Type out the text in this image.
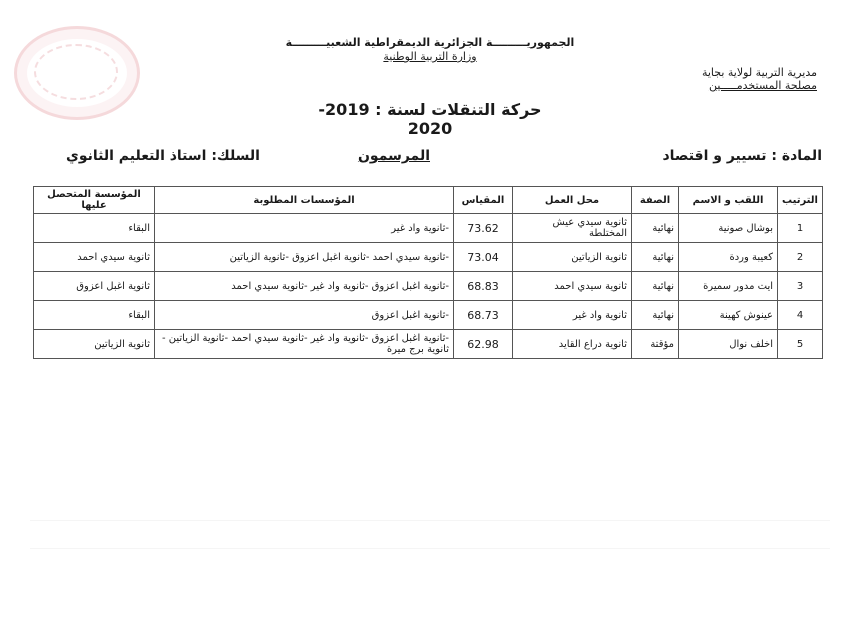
الجمهوريـــــــــة الجزائرية الديمقراطية الشعبيـــــــــة
وزارة التربية الوطنية
مديرية التربية لولاية بجاية
مصلحة المستخدمـــــين
حركة التنقلات لسنة : 2019-2020
المادة : تسيير و اقتصاد
المرسمون
السلك: استاذ التعليم الثانوي
الترتيب	اللقب و الاسم	الصفة	محل العمل	المقياس	المؤسسات المطلوبة	المؤسسة المتحصل عليها
1	بوشال صونية	نهائية	ثانوية سيدي عيش المختلطة	73.62	-ثانوية واد غير	البقاء
2	كعيبة وردة	نهائية	ثانوية الزياتين	73.04	-ثانوية سيدي احمد -ثانوية اغبل اعزوق -ثانوية الزياتين	ثانوية سيدي احمد
3	ايت مدور سميرة	نهائية	ثانوية سيدي احمد	68.83	-ثانوية اغبل اعزوق -ثانوية واد غير -ثانوية سيدي احمد	ثانوية اغبل اعزوق
4	عينوش كهينة	نهائية	ثانوية واد غير	68.73	-ثانوية اغبل اعزوق	البقاء
5	اخلف نوال	مؤقتة	ثانوية دراع القايد	62.98	-ثانوية اغبل اعزوق -ثانوية واد غير -ثانوية سيدي احمد -ثانوية الزياتين - ثانوية برج ميرة	ثانوية الزياتين
